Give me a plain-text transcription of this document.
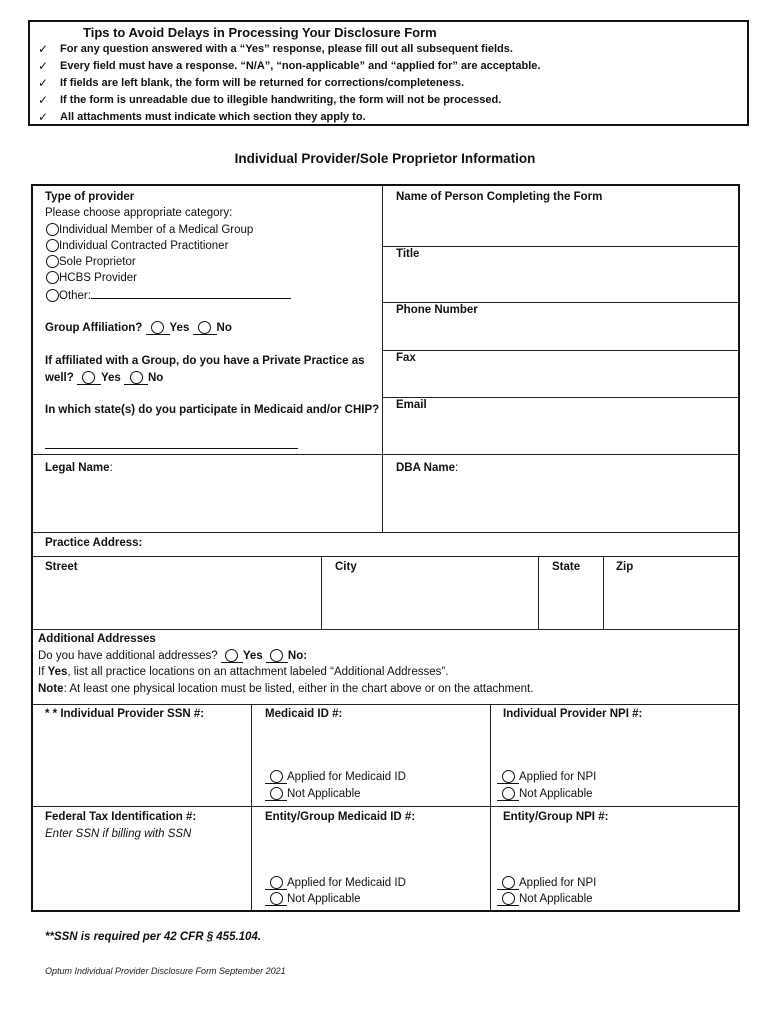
Tips to Avoid Delays in Processing Your Disclosure Form
✓ For any question answered with a “Yes” response, please fill out all subsequent fields.
✓ Every field must have a response. “N/A”, “non-applicable” and “applied for” are acceptable.
✓ If fields are left blank, the form will be returned for corrections/completeness.
✓ If the form is unreadable due to illegible handwriting, the form will not be processed.
✓ All attachments must indicate which section they apply to.
Individual Provider/Sole Proprietor Information
Type of provider
Please choose appropriate category:
Individual Member of a Medical Group
Individual Contracted Practitioner
Sole Proprietor
HCBS Provider
Other:
Group Affiliation? Yes No
If affiliated with a Group, do you have a Private Practice as
well? Yes No
In which state(s) do you participate in Medicaid and/or CHIP?
Name of Person Completing the Form
Title
Phone Number
Fax
Email
Legal Name:	DBA Name:
Practice Address:
Street	City	State	Zip
Additional Addresses
Do you have additional addresses? Yes No:
If Yes, list all practice locations on an attachment labeled “Additional Addresses”.
Note: At least one physical location must be listed, either in the chart above or on the attachment.
* * Individual Provider SSN #:	Medicaid ID #:	Individual Provider NPI #:
Applied for Medicaid ID
Not Applicable
Applied for NPI
Not Applicable
Federal Tax Identification #:
Enter SSN if billing with SSN
Entity/Group Medicaid ID #:	Entity/Group NPI #:
Applied for Medicaid ID
Not Applicable
Applied for NPI
Not Applicable
**SSN is required per 42 CFR § 455.104.
Optum Individual Provider Disclosure Form September 2021
